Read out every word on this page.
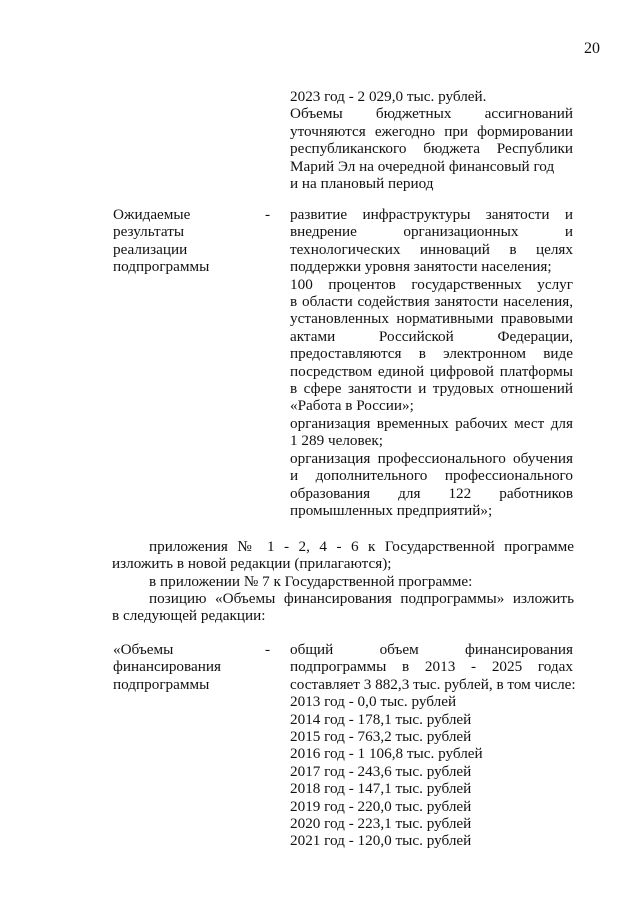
20
2023 год - 2 029,0 тыс. рублей.
Объемы бюджетных ассигнований
уточняются ежегодно при формировании
республиканского бюджета Республики
Марий Эл на очередной финансовый год
и на плановый период
Ожидаемые
результаты
реализации
подпрограммы
- развитие инфраструктуры занятости и
внедрение организационных и
технологических инноваций в целях
поддержки уровня занятости населения;
100 процентов государственных услуг
в области содействия занятости населения,
установленных нормативными правовыми
актами Российской Федерации,
предоставляются в электронном виде
посредством единой цифровой платформы
в сфере занятости и трудовых отношений
«Работа в России»;
организация временных рабочих мест для
1 289 человек;
организация профессионального обучения
и дополнительного профессионального
образования для 122 работников
промышленных предприятий»;
приложения № 1 - 2, 4 - 6 к Государственной программе
изложить в новой редакции (прилагаются);
в приложении № 7 к Государственной программе:
позицию «Объемы финансирования подпрограммы» изложить
в следующей редакции:
«Объемы
финансирования
подпрограммы
- общий объем финансирования
подпрограммы в 2013 - 2025 годах
составляет 3 882,3 тыс. рублей, в том числе:
2013 год - 0,0 тыс. рублей
2014 год - 178,1 тыс. рублей
2015 год - 763,2 тыс. рублей
2016 год - 1 106,8 тыс. рублей
2017 год - 243,6 тыс. рублей
2018 год - 147,1 тыс. рублей
2019 год - 220,0 тыс. рублей
2020 год - 223,1 тыс. рублей
2021 год - 120,0 тыс. рублей
